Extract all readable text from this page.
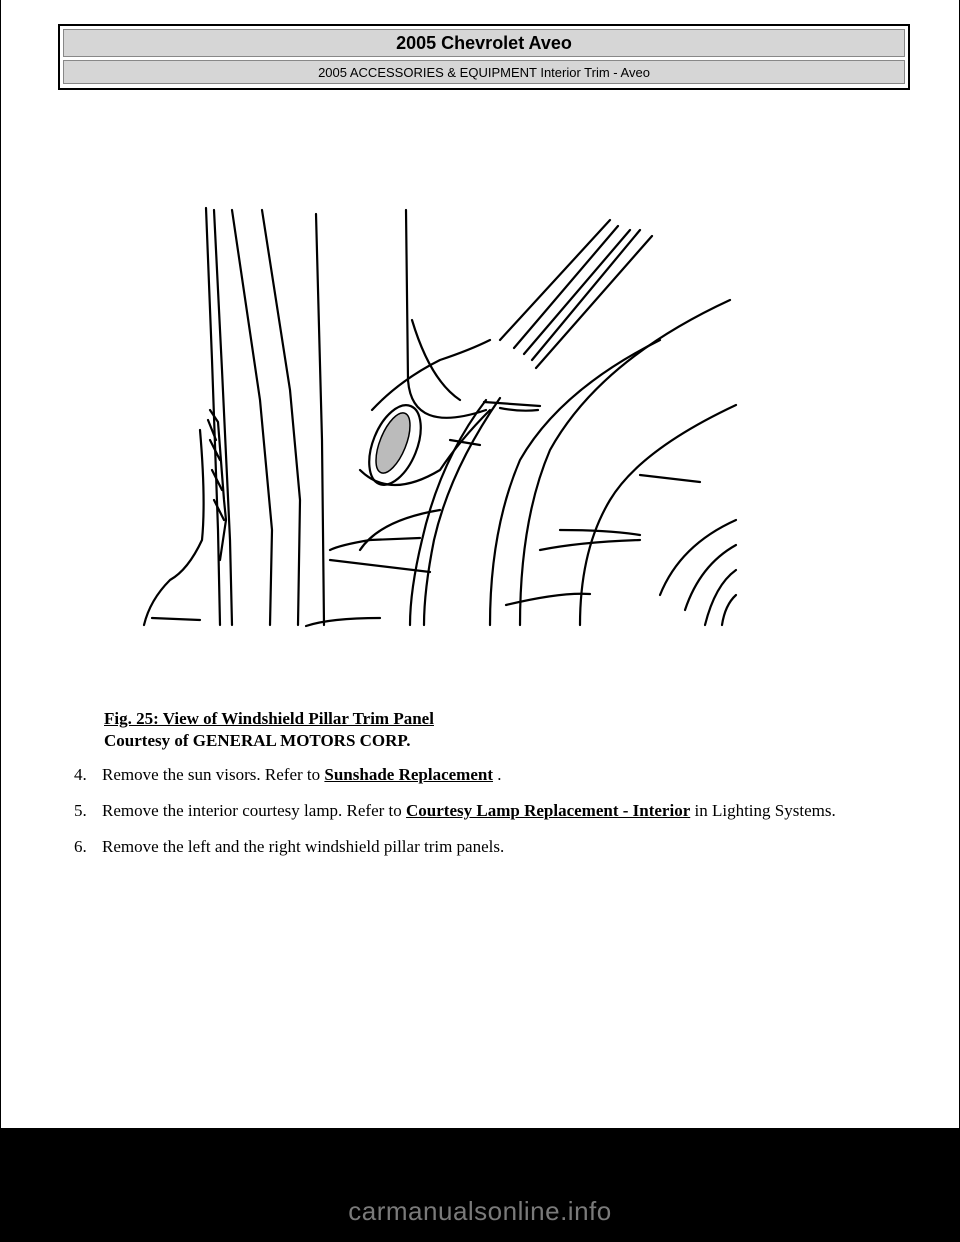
2005 Chevrolet Aveo
2005 ACCESSORIES & EQUIPMENT Interior Trim - Aveo
Fig. 25: View of Windshield Pillar Trim Panel
Courtesy of GENERAL MOTORS CORP.
4. Remove the sun visors. Refer to Sunshade Replacement .
5. Remove the interior courtesy lamp. Refer to Courtesy Lamp Replacement - Interior in Lighting Systems.
6. Remove the left and the right windshield pillar trim panels.
carmanualsonline.info
